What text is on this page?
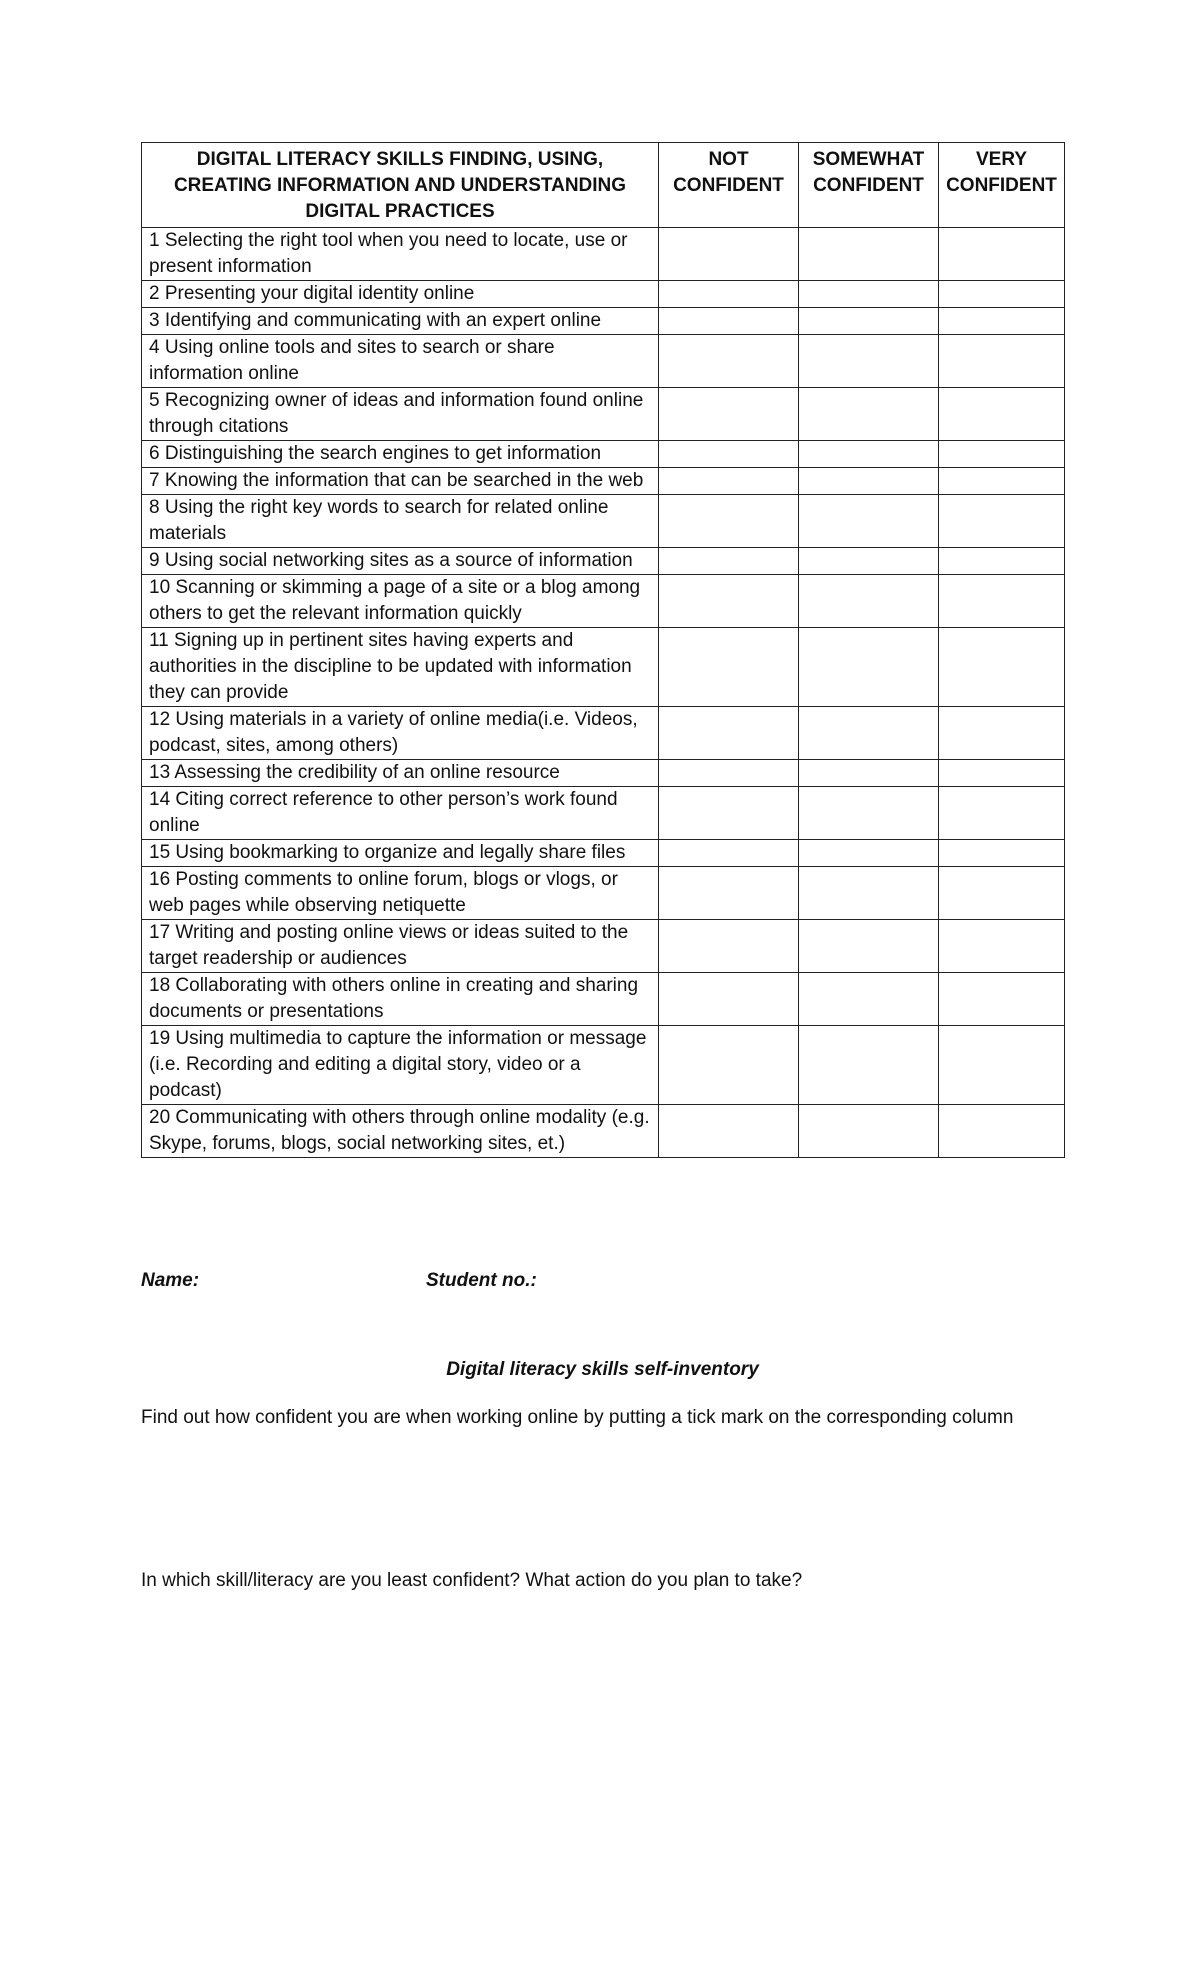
DIGITAL LITERACY SKILLS FINDING, USING, CREATING INFORMATION AND UNDERSTANDING DIGITAL PRACTICES	NOT CONFIDENT	SOMEWHAT CONFIDENT	VERY CONFIDENT
1 Selecting the right tool when you need to locate, use or present information			
2 Presenting your digital identity online			
3 Identifying and communicating with an expert online			
4 Using online tools and sites to search or share information online			
5 Recognizing owner of ideas and information found online through citations			
6 Distinguishing the search engines to get information			
7 Knowing the information that can be searched in the web			
8 Using the right key words to search for related online materials			
9 Using social networking sites as a source of information			
10 Scanning or skimming a page of a site or a blog among others to get the relevant information quickly			
11 Signing up in pertinent sites having experts and authorities in the discipline to be updated with information they can provide			
12 Using materials in a variety of online media(i.e. Videos, podcast, sites, among others)			
13 Assessing the credibility of an online resource			
14 Citing correct reference to other person’s work found online			
15 Using bookmarking to organize and legally share files			
16 Posting comments to online forum, blogs or vlogs, or web pages while observing netiquette			
17 Writing and posting online views or ideas suited to the target readership or audiences			
18 Collaborating with others online in creating and sharing documents or presentations			
19 Using multimedia to capture the information or message (i.e. Recording and editing a digital story, video or a podcast)			
20 Communicating with others through online modality (e.g. Skype, forums, blogs, social networking sites, et.)			
Name:	Student no.:
Digital literacy skills self-inventory
Find out how confident you are when working online by putting a tick mark on the corresponding column
In which skill/literacy are you least confident? What action do you plan to take?
